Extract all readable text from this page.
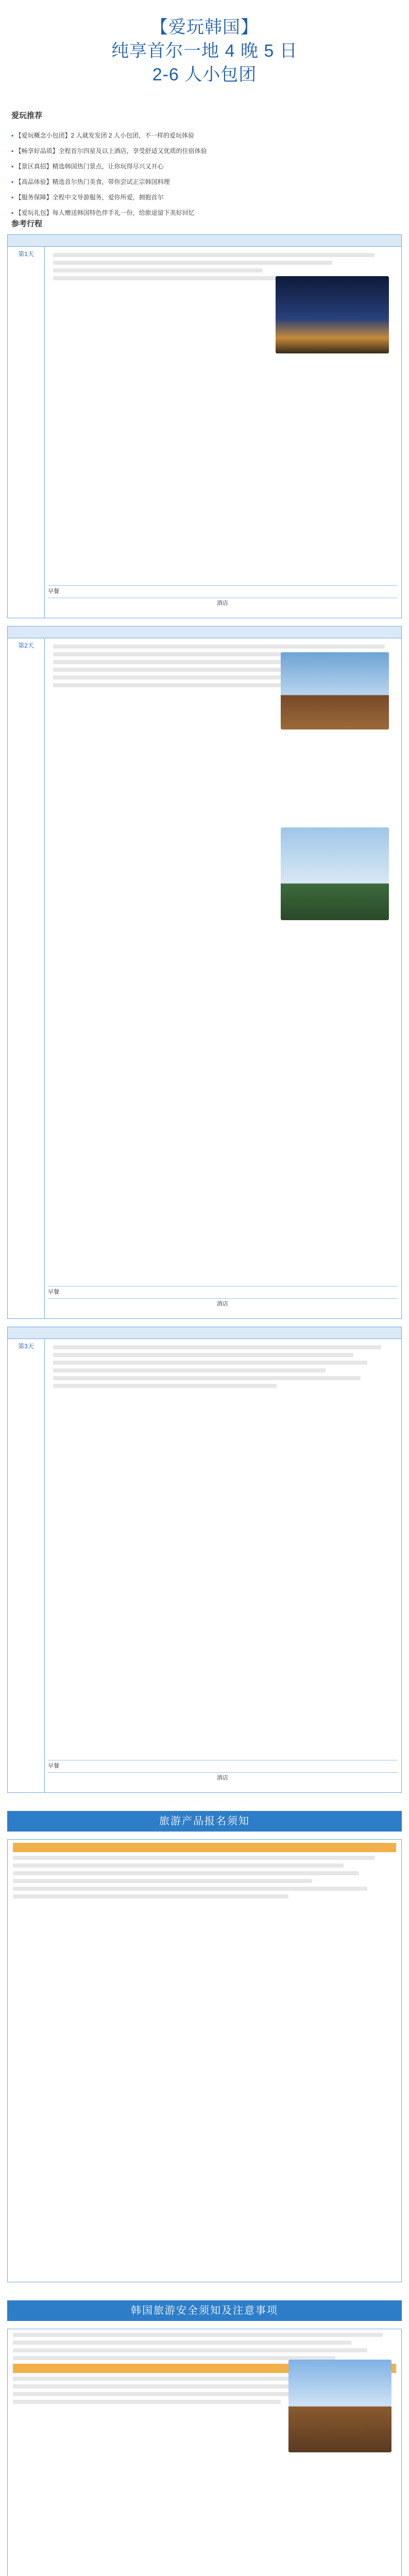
【爱玩韩国】
纯享首尔一地 4 晚 5 日
2-6 人小包团
爱玩推荐
▪ 【爱玩概念小包团】2 人就发发团 2 人小包团，不一样的爱玩体验
▪ 【畅享好品质】全程首尔四星及以上酒店，享受舒适又优质的住宿体验
▪ 【景区真招】精选韩国热门景点，让你玩得尽兴又开心
▪ 【高品体验】精选首尔热门美食，带你尝试正宗韩国料理
▪ 【服务保障】全程中文导游服务，爱你所爱，拥抱首尔
▪ 【爱玩礼包】每人赠送韩国特色伴手礼一份，给旅途留下美好回忆
参考行程
第1天
早餐
酒店
第2天
早餐
酒店
第3天
早餐
酒店
旅游产品报名须知
韩国旅游安全须知及注意事项
